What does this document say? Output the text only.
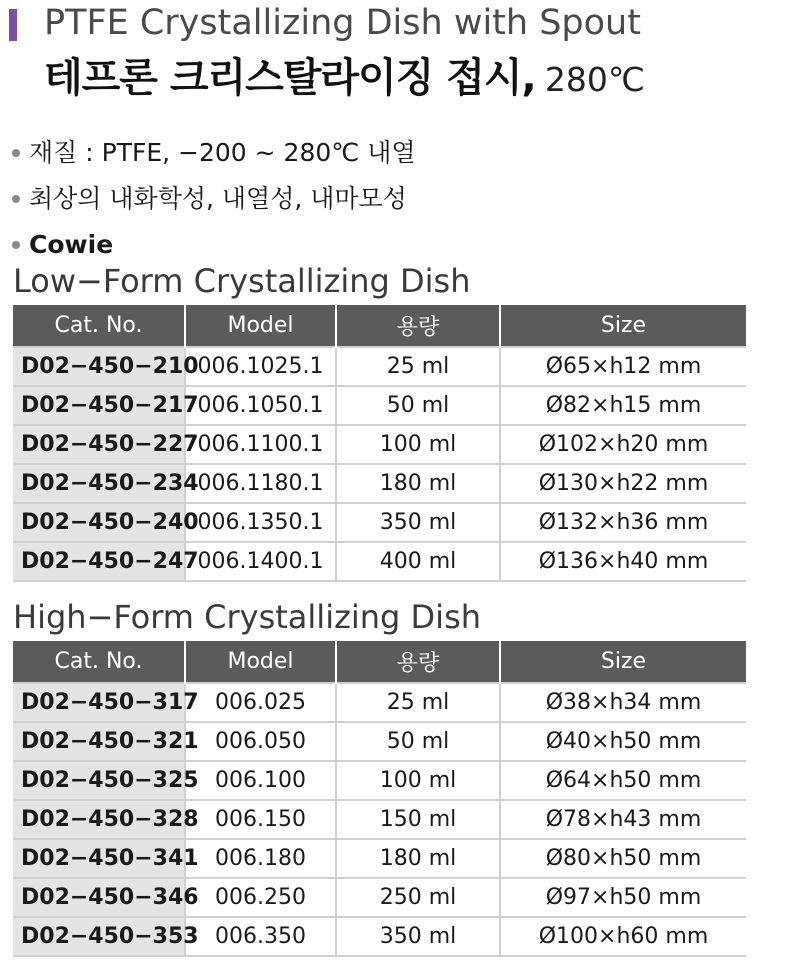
PTFE Crystallizing Dish with Spout
테프론 크리스탈라이징 접시, 280℃
재질 : PTFE, −200 ~ 280℃ 내열
최상의 내화학성, 내열성, 내마모성
Cowie
Low−Form Crystallizing Dish
Cat. No.	Model	용량	Size
D02−450−210	006.1025.1	25 ml	Ø65×h12 mm
D02−450−217	006.1050.1	50 ml	Ø82×h15 mm
D02−450−227	006.1100.1	100 ml	Ø102×h20 mm
D02−450−234	006.1180.1	180 ml	Ø130×h22 mm
D02−450−240	006.1350.1	350 ml	Ø132×h36 mm
D02−450−247	006.1400.1	400 ml	Ø136×h40 mm
High−Form Crystallizing Dish
Cat. No.	Model	용량	Size
D02−450−317	006.025	25 ml	Ø38×h34 mm
D02−450−321	006.050	50 ml	Ø40×h50 mm
D02−450−325	006.100	100 ml	Ø64×h50 mm
D02−450−328	006.150	150 ml	Ø78×h43 mm
D02−450−341	006.180	180 ml	Ø80×h50 mm
D02−450−346	006.250	250 ml	Ø97×h50 mm
D02−450−353	006.350	350 ml	Ø100×h60 mm
